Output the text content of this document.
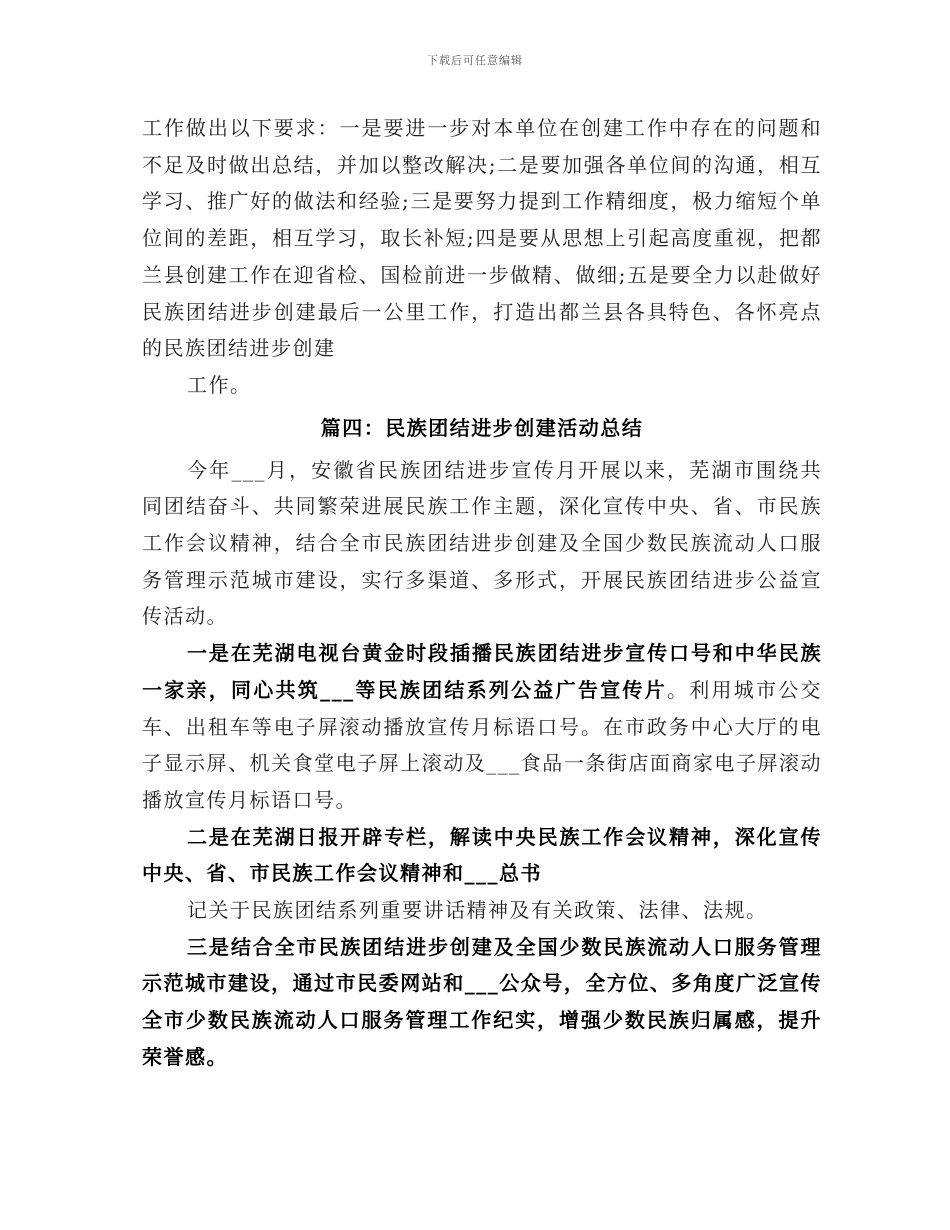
下载后可任意编辑

工作做出以下要求：一是要进一步对本单位在创建工作中存在的问题和不足及时做出总结，并加以整改解决;二是要加强各单位间的沟通，相互学习、推广好的做法和经验;三是要努力提到工作精细度，极力缩短个单位间的差距，相互学习，取长补短;四是要从思想上引起高度重视，把都兰县创建工作在迎省检、国检前进一步做精、做细;五是要全力以赴做好民族团结进步创建最后一公里工作，打造出都兰县各具特色、各怀亮点的民族团结进步创建

工作。

篇四：民族团结进步创建活动总结

今年___月，安徽省民族团结进步宣传月开展以来，芜湖市围绕共同团结奋斗、共同繁荣进展民族工作主题，深化宣传中央、省、市民族工作会议精神，结合全市民族团结进步创建及全国少数民族流动人口服务管理示范城市建设，实行多渠道、多形式，开展民族团结进步公益宣传活动。

一是在芜湖电视台黄金时段插播民族团结进步宣传口号和中华民族一家亲，同心共筑___等民族团结系列公益广告宣传片。利用城市公交车、出租车等电子屏滚动播放宣传月标语口号。在市政务中心大厅的电子显示屏、机关食堂电子屏上滚动及___食品一条街店面商家电子屏滚动播放宣传月标语口号。

二是在芜湖日报开辟专栏，解读中央民族工作会议精神，深化宣传中央、省、市民族工作会议精神和___总书

记关于民族团结系列重要讲话精神及有关政策、法律、法规。

三是结合全市民族团结进步创建及全国少数民族流动人口服务管理示范城市建设，通过市民委网站和___公众号，全方位、多角度广泛宣传全市少数民族流动人口服务管理工作纪实，增强少数民族归属感，提升荣誉感。
